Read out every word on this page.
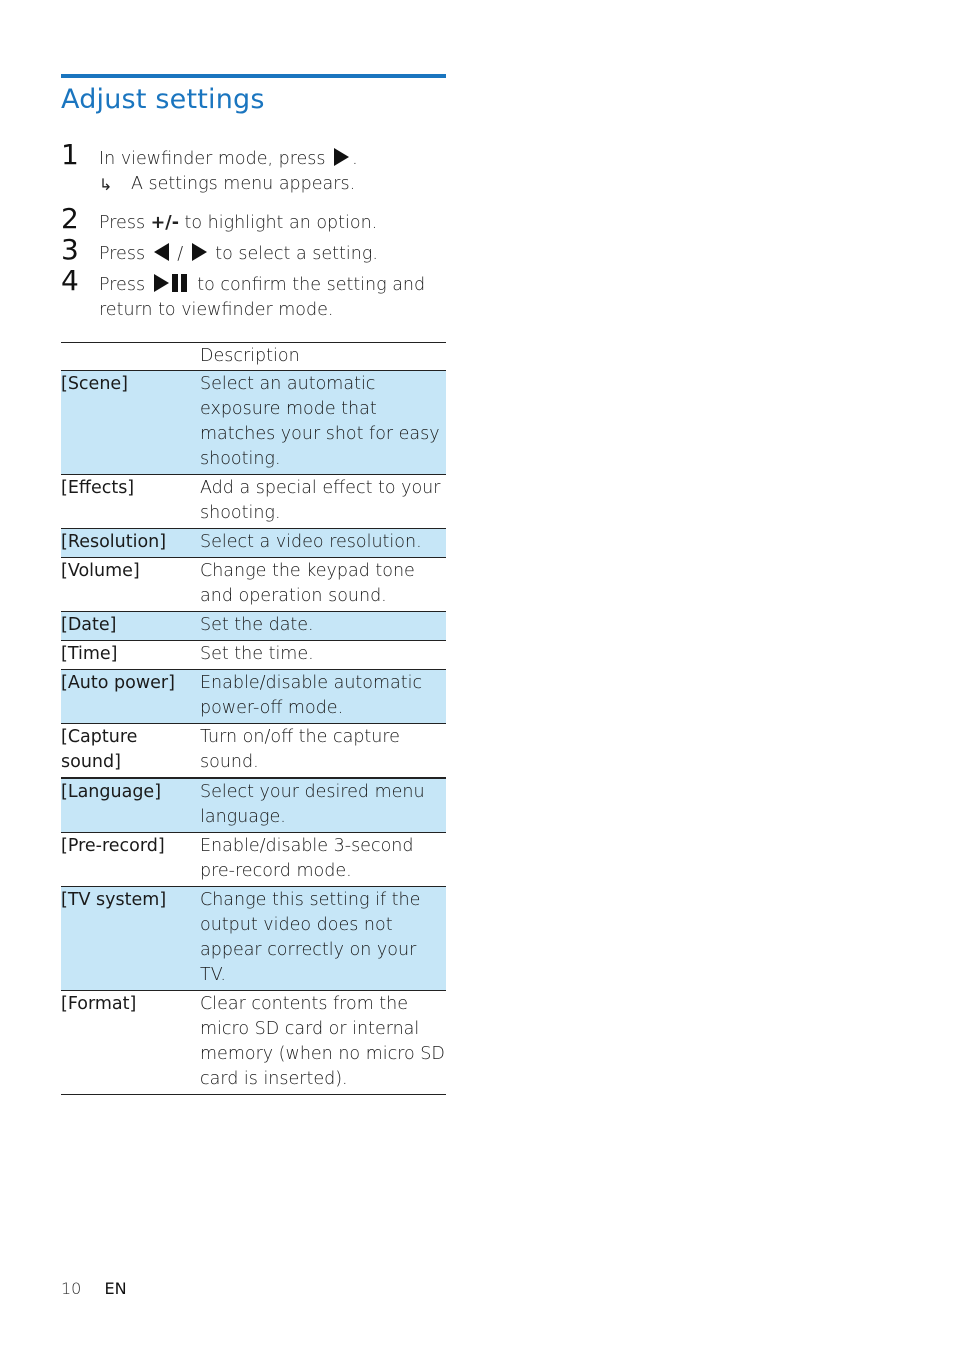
Adjust settings
1 In viewfinder mode, press .
↳ A settings menu appears.
2 Press +/- to highlight an option.
3 Press / to select a setting.
4 Press	to confirm the setting and
return to viewfinder mode.
	Description
[Scene]	Select an automatic exposure mode that matches your shot for easy shooting.
[Effects]	Add a special effect to your shooting.
[Resolution]	Select a video resolution.
[Volume]	Change the keypad tone and operation sound.
[Date]	Set the date.
[Time]	Set the time.
[Auto power]	Enable/disable automatic power-off mode.
[Capture sound]	Turn on/off the capture sound.
[Language]	Select your desired menu language.
[Pre-record]	Enable/disable 3-second pre-record mode.
[TV system]	Change this setting if the output video does not appear correctly on your TV.
[Format]	Clear contents from the micro SD card or internal memory (when no micro SD card is inserted).
10 EN
